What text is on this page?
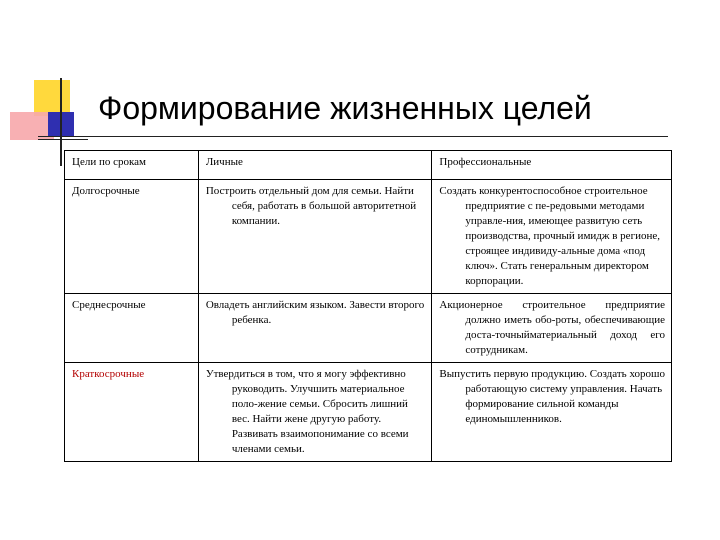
Формирование жизненных целей
Цели по срокам	Личные	Профессиональные
Долгосрочные	Построить отдельный дом для семьи. Найти себя, работать в большой авторитетной компании.	Создать конкурентоспособное строительное предприятие с пе-редовыми методами управле-ния, имеющее развитую сеть производства, прочный имидж в регионе, строящее индивиду-альные дома «под ключ». Стать генеральным директором корпорации.

Среднесрочные	Овладеть английским языком. Завести второго ребенка.	Акционерное строительное предприятие должно иметь обо-роты, обеспечивающие доста-точныйматериальный доход его сотрудникам.

Краткосрочные	Утвердиться в том, что я могу эффективно руководить. Улучшить материальное поло-жение семьи. Сбросить лишний вес. Найти жене другую работу. Развивать взаимопонимание со всеми членами семьи.	Выпустить первую продукцию. Создать хорошо работающую систему управления. Начать формирование сильной команды единомышленников.
